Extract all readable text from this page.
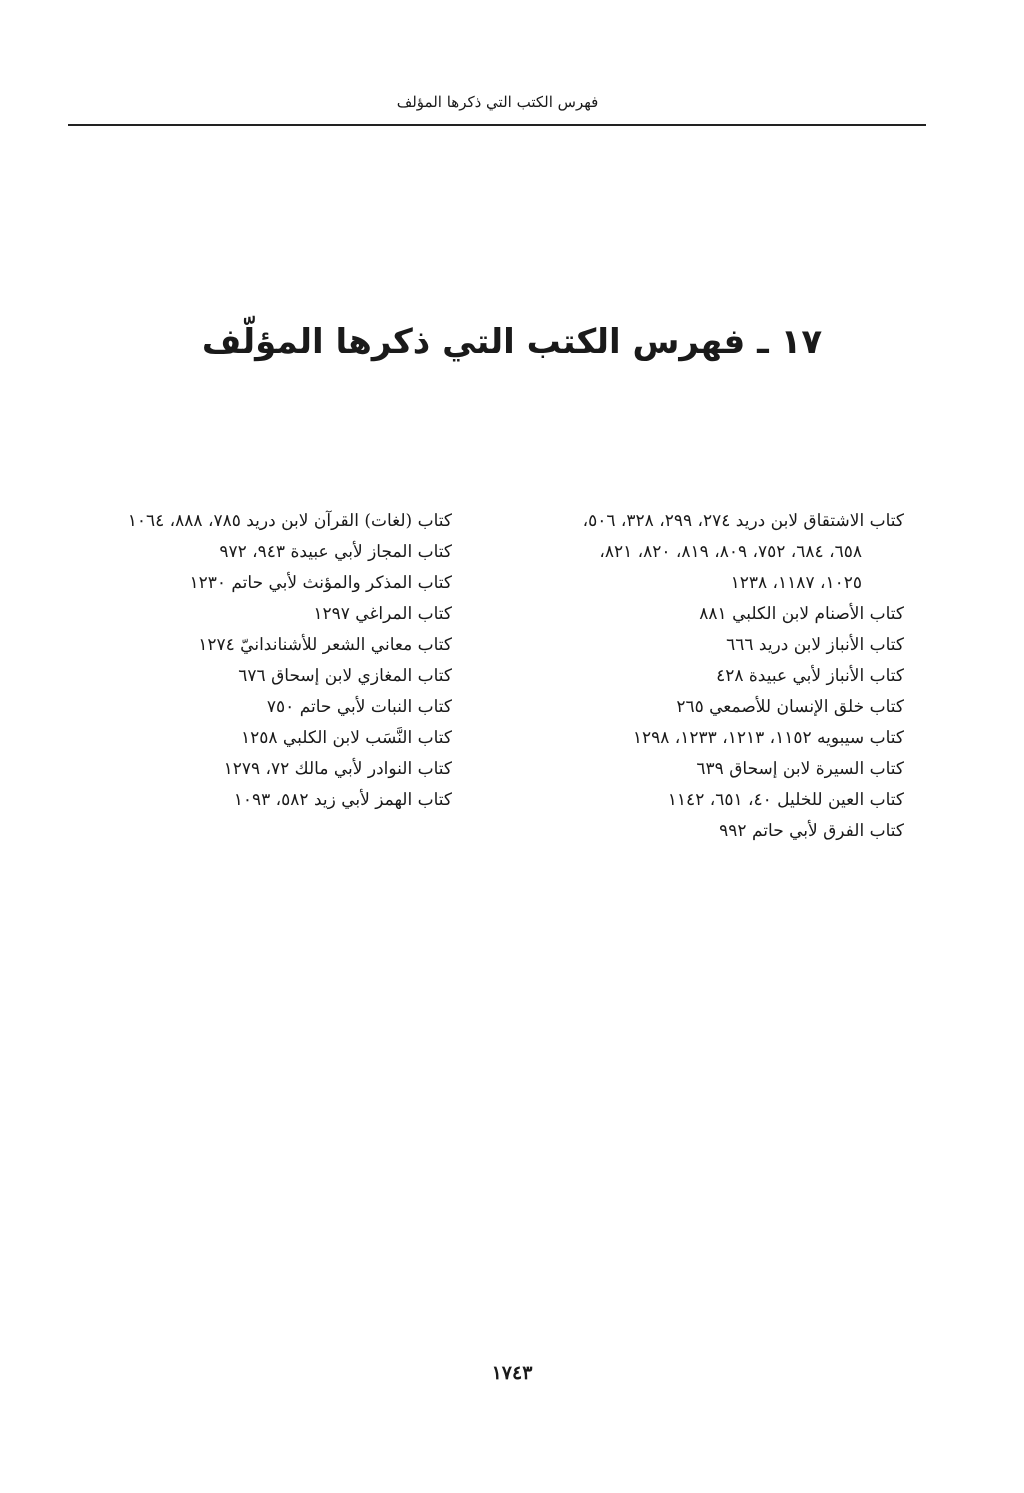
فهرس الكتب التي ذكرها المؤلف
١٧ ـ فهرس الكتب التي ذكرها المؤلّف
كتاب الاشتقاق لابن دريد ٢٧٤، ٢٩٩، ٣٢٨، ٥٠٦،
٦٥٨، ٦٨٤، ٧٥٢، ٨٠٩، ٨١٩، ٨٢٠، ٨٢١،
١٠٢٥، ١١٨٧، ١٢٣٨
كتاب الأصنام لابن الكلبي ٨٨١
كتاب الأنباز لابن دريد ٦٦٦
كتاب الأنباز لأبي عبيدة ٤٢٨
كتاب خلق الإنسان للأصمعي ٢٦٥
كتاب سيبويه ١١٥٢، ١٢١٣، ١٢٣٣، ١٢٩٨
كتاب السيرة لابن إسحاق ٦٣٩
كتاب العين للخليل ٤٠، ٦٥١، ١١٤٢
كتاب الفرق لأبي حاتم ٩٩٢
كتاب (لغات) القرآن لابن دريد ٧٨٥، ٨٨٨، ١٠٦٤
كتاب المجاز لأبي عبيدة ٩٤٣، ٩٧٢
كتاب المذكر والمؤنث لأبي حاتم ١٢٣٠
كتاب المراغي ١٢٩٧
كتاب معاني الشعر للأشناندانيّ ١٢٧٤
كتاب المغازي لابن إسحاق ٦٧٦
كتاب النبات لأبي حاتم ٧٥٠
كتاب النَّسَب لابن الكلبي ١٢٥٨
كتاب النوادر لأبي مالك ٧٢، ١٢٧٩
كتاب الهمز لأبي زيد ٥٨٢، ١٠٩٣
١٧٤٣
